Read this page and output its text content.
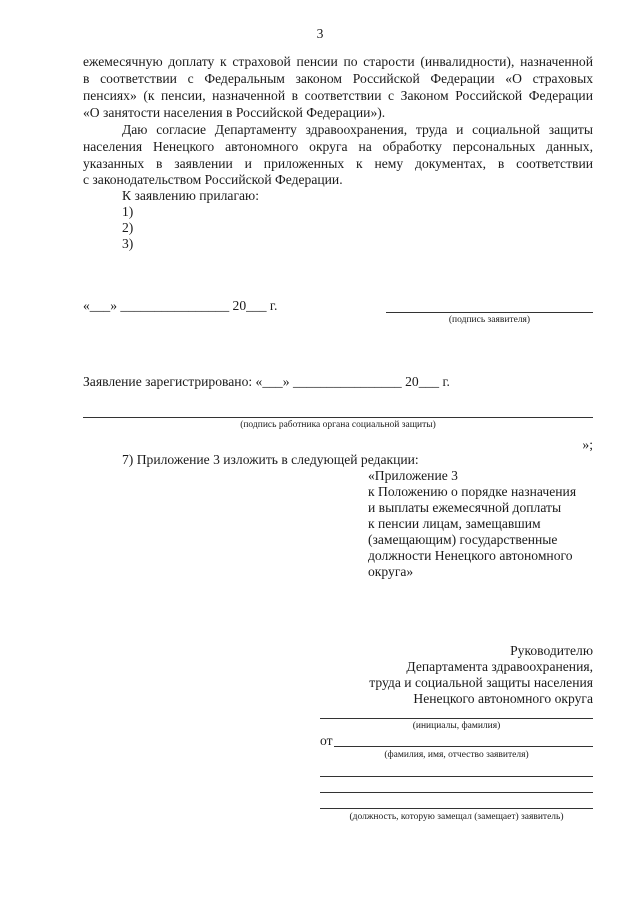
3
ежемесячную доплату к страховой пенсии по старости (инвалидности), назначенной
в соответствии с Федеральным законом Российской Федерации «О страховых
пенсиях» (к пенсии, назначенной в соответствии с Законом Российской Федерации
«О занятости населения в Российской Федерации»).
Даю согласие Департаменту здравоохранения, труда и социальной защиты
населения Ненецкого автономного округа на обработку персональных данных,
указанных в заявлении и приложенных к нему документах, в соответствии
с законодательством Российской Федерации.
К заявлению прилагаю:
1)
2)
3)
«___» ________________ 20___ г.
(подпись заявителя)
Заявление зарегистрировано: «___» ________________ 20___ г.
(подпись работника органа социальной защиты)
»;
7) Приложение 3 изложить в следующей редакции:
«Приложение 3
к Положению о порядке назначения
и выплаты ежемесячной доплаты
к пенсии лицам, замещавшим
(замещающим) государственные
должности Ненецкого автономного
округа»
Руководителю
Департамента здравоохранения,
труда и социальной защиты населения
Ненецкого автономного округа
(инициалы, фамилия)
от
(фамилия, имя, отчество заявителя)
(должность, которую замещал (замещает) заявитель)
